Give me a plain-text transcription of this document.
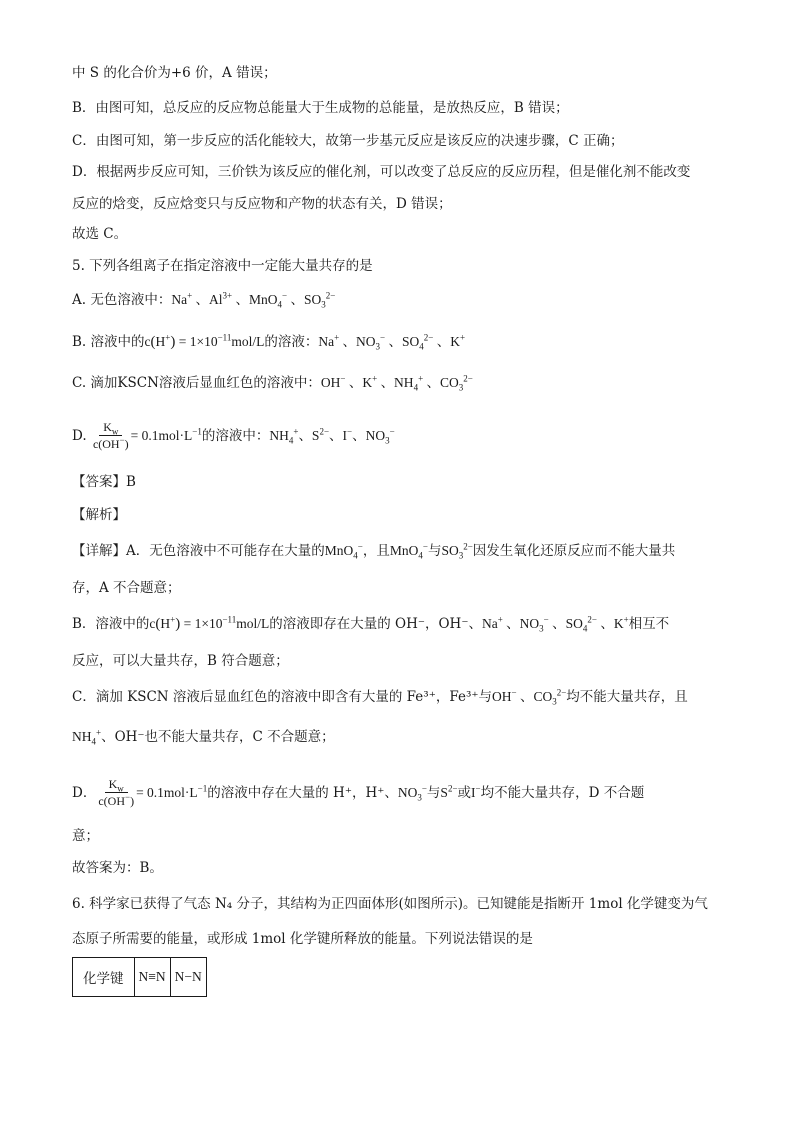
中 S 的化合价为+6 价，A 错误；
B．由图可知，总反应的反应物总能量大于生成物的总能量，是放热反应，B 错误；
C．由图可知，第一步反应的活化能较大，故第一步基元反应是该反应的决速步骤，C 正确；
D．根据两步反应可知，三价铁为该反应的催化剂，可以改变了总反应的反应历程，但是催化剂不能改变
反应的焓变，反应焓变只与反应物和产物的状态有关，D 错误；
故选 C。
5. 下列各组离子在指定溶液中一定能大量共存的是
A. 无色溶液中：Na+ 、$Al^{3+}$ 、MnO$_4$− 、$SO_3^{2-}$
B. 溶液中的$c(H^+) = 1\times 10^{-11}mol/L$的溶液：Na+ 、$NO_3^-$ 、$SO_4^{2-}$ 、K+
C. 滴加KSCN溶液后显血红色的溶液中：OH− 、K+ 、$NH_4^+$ 、$CO_3^{2-}$
D. $\frac{K_w}{c(OH^-)} = 0.1mol\cdot L^{-1}$的溶液中：$NH_4^+$、$S^{2-}$、I−、$NO_3^-$
【答案】B
【解析】
【详解】A．无色溶液中不可能存在大量的MnO$_4$−，且MnO$_4$−与$SO_3^{2-}$因发生氧化还原反应而不能大量共
存，A 不合题意；
B．溶液中的$c(H^+) = 1\times 10^{-11}mol/L$的溶液即存在大量的 OH⁻，OH⁻、Na+ 、$NO_3^-$ 、$SO_4^{2-}$ 、K+相互不
反应，可以大量共存，B 符合题意；
C．滴加 KSCN 溶液后显血红色的溶液中即含有大量的 Fe³⁺，Fe³⁺与OH− 、$CO_3^{2-}$均不能大量共存，且
$NH_4^+$、OH⁻也不能大量共存，C 不合题意；
D． $\frac{K_w}{c(OH^-)} = 0.1mol\cdot L^{-1}$的溶液中存在大量的 H⁺，H⁺、$NO_3^-$与$S^{2-}$或I−均不能大量共存，D 不合题
意；
故答案为：B。
6. 科学家已获得了气态 N₄ 分子，其结构为正四面体形(如图所示)。已知键能是指断开 1mol 化学键变为气
态原子所需要的能量，或形成 1mol 化学键所释放的能量。下列说法错误的是
化学键	N≡N	N−N
